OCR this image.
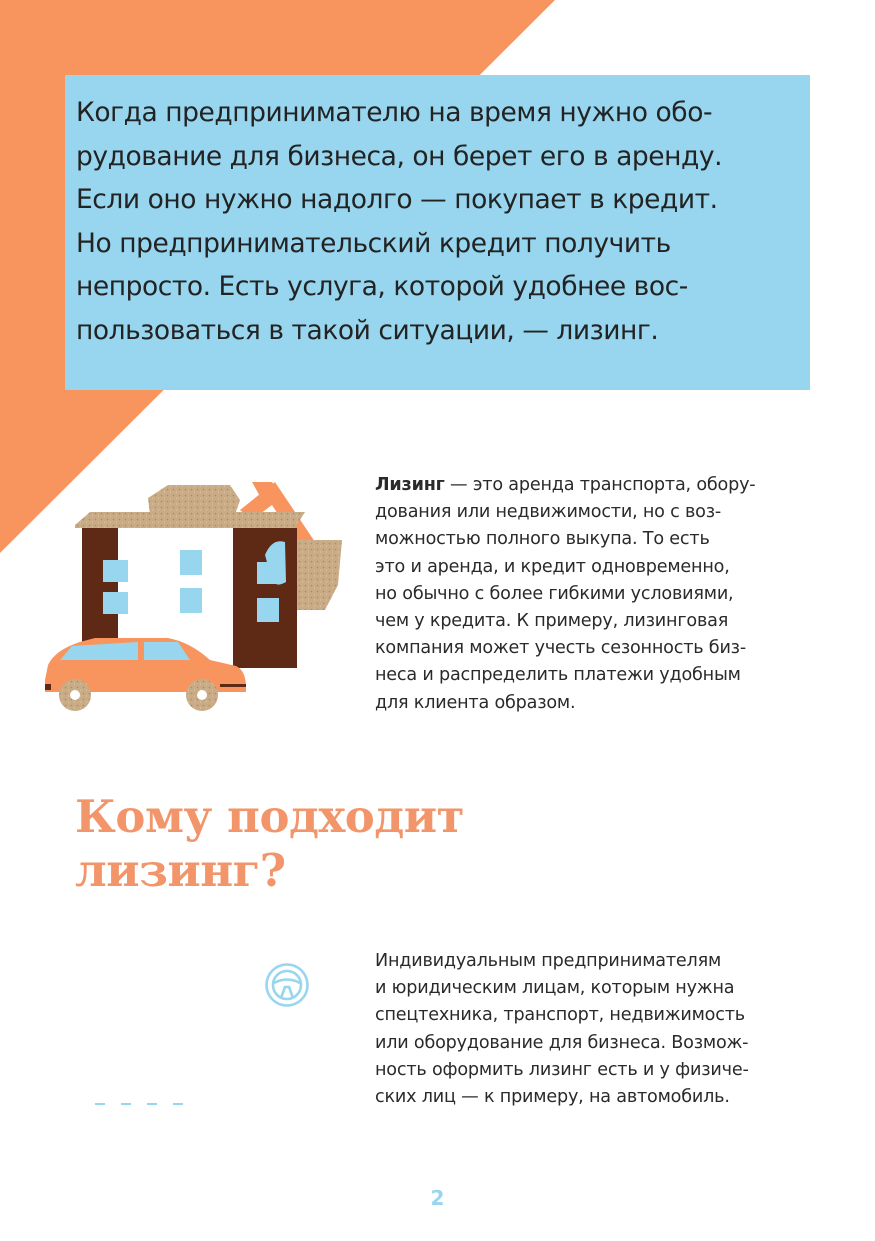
Когда предпринимателю на время нужно обо-
рудование для бизнеса, он берет его в аренду.
Если оно нужно надолго — покупает в кредит.
Но предпринимательский кредит получить
непросто. Есть услуга, которой удобнее вос-
пользоваться в такой ситуации, — лизинг.

Лизинг — это аренда транспорта, обору-
дования или недвижимости, но с воз-
можностью полного выкупа. То есть
это и аренда, и кредит одновременно,
но обычно с более гибкими условиями,
чем у кредита. К примеру, лизинговая
компания может учесть сезонность биз-
неса и распределить платежи удобным
для клиента образом.

Кому подходит
лизинг?

Индивидуальным предпринимателям
и юридическим лицам, которым нужна
спецтехника, транспорт, недвижимость
или оборудование для бизнеса. Возмож-
ность оформить лизинг есть и у физиче-
ских лиц — к примеру, на автомобиль.

2
